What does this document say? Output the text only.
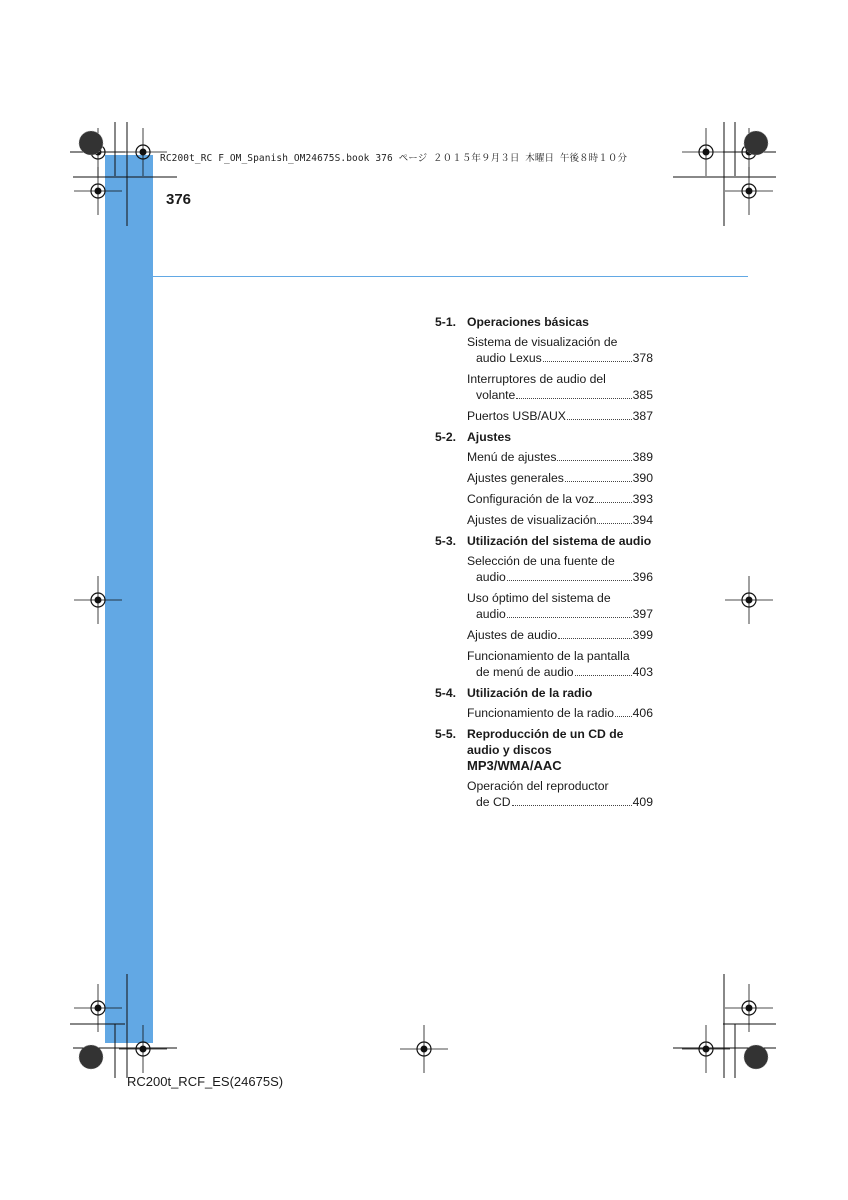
RC200t_RC F_OM_Spanish_OM24675S.book 376 ページ ２０１５年９月３日 木曜日 午後８時１０分
376
5-1. Operaciones básicas
Sistema de visualización de
audio Lexus	378
Interruptores de audio del
volante	385
Puertos USB/AUX	387
5-2. Ajustes
Menú de ajustes	389
Ajustes generales	390
Configuración de la voz	393
Ajustes de visualización	394
5-3. Utilización del sistema de audio
Selección de una fuente de
audio	396
Uso óptimo del sistema de
audio	397
Ajustes de audio	399
Funcionamiento de la pantalla
de menú de audio	403
5-4. Utilización de la radio
Funcionamiento de la radio 406
5-5. Reproducción de un CD de audio y discos
MP3/WMA/AAC
Operación del reproductor
de CD	409
RC200t_RCF_ES(24675S)
